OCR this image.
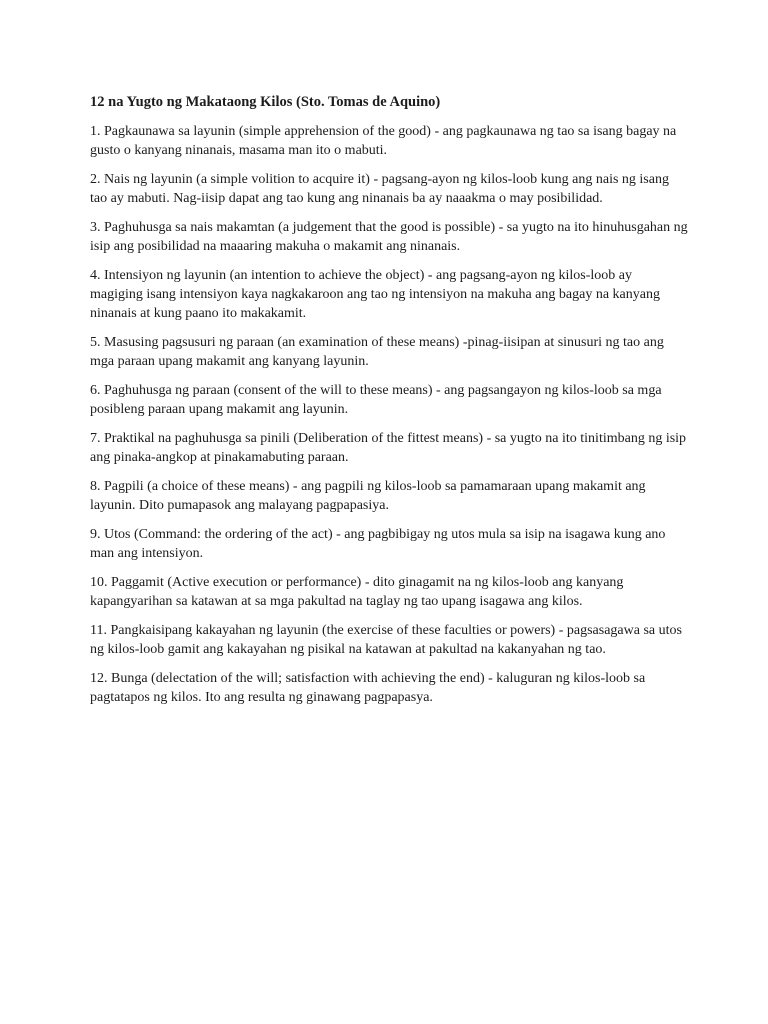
12 na Yugto ng Makataong Kilos (Sto. Tomas de Aquino)

1. Pagkaunawa sa layunin (simple apprehension of the good) - ang pagkaunawa ng tao sa isang bagay na gusto o kanyang ninanais, masama man ito o mabuti.

2. Nais ng layunin (a simple volition to acquire it) - pagsang-ayon ng kilos-loob kung ang nais ng isang tao ay mabuti. Nag-iisip dapat ang tao kung ang ninanais ba ay naaakma o may posibilidad.

3. Paghuhusga sa nais makamtan (a judgement that the good is possible) - sa yugto na ito hinuhusgahan ng isip ang posibilidad na maaaring makuha o makamit ang ninanais.

4. Intensiyon ng layunin (an intention to achieve the object) - ang pagsang-ayon ng kilos-loob ay magiging isang intensiyon kaya nagkakaroon ang tao ng intensiyon na makuha ang bagay na kanyang ninanais at kung paano ito makakamit.

5. Masusing pagsusuri ng paraan (an examination of these means) -pinag-iisipan at sinusuri ng tao ang mga paraan upang makamit ang kanyang layunin.

6. Paghuhusga ng paraan (consent of the will to these means) - ang pagsangayon ng kilos-loob sa mga posibleng paraan upang makamit ang layunin.

7. Praktikal na paghuhusga sa pinili (Deliberation of the fittest means) - sa yugto na ito tinitimbang ng isip ang pinaka-angkop at pinakamabuting paraan.

8. Pagpili (a choice of these means) - ang pagpili ng kilos-loob sa pamamaraan upang makamit ang layunin. Dito pumapasok ang malayang pagpapasiya.

9. Utos (Command: the ordering of the act) - ang pagbibigay ng utos mula sa isip na isagawa kung ano man ang intensiyon.

10. Paggamit (Active execution or performance) - dito ginagamit na ng kilos-loob ang kanyang kapangyarihan sa katawan at sa mga pakultad na taglay ng tao upang isagawa ang kilos.

11. Pangkaisipang kakayahan ng layunin (the exercise of these faculties or powers) - pagsasagawa sa utos ng kilos-loob gamit ang kakayahan ng pisikal na katawan at pakultad na kakanyahan ng tao.

12. Bunga (delectation of the will; satisfaction with achieving the end) - kaluguran ng kilos-loob sa pagtatapos ng kilos. Ito ang resulta ng ginawang pagpapasya.
